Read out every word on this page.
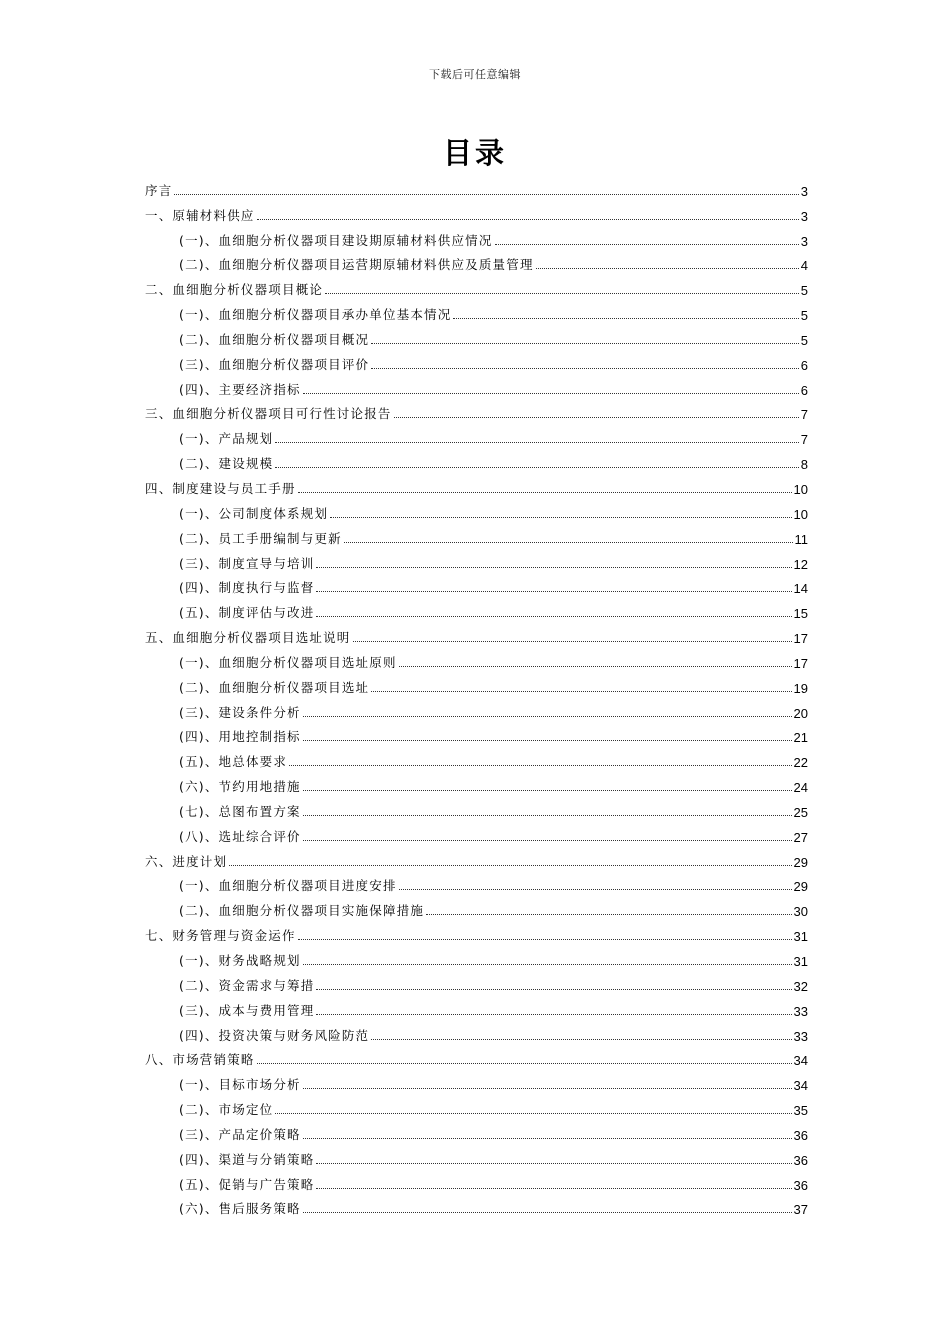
下载后可任意编辑
目录
序言	3
一、原辅材料供应	3
(一)、血细胞分析仪器项目建设期原辅材料供应情况	3
(二)、血细胞分析仪器项目运营期原辅材料供应及质量管理	4
二、血细胞分析仪器项目概论	5
(一)、血细胞分析仪器项目承办单位基本情况	5
(二)、血细胞分析仪器项目概况	5
(三)、血细胞分析仪器项目评价	6
(四)、主要经济指标	6
三、血细胞分析仪器项目可行性讨论报告	7
(一)、产品规划	7
(二)、建设规模	8
四、制度建设与员工手册	10
(一)、公司制度体系规划	10
(二)、员工手册编制与更新	11
(三)、制度宣导与培训	12
(四)、制度执行与监督	14
(五)、制度评估与改进	15
五、血细胞分析仪器项目选址说明	17
(一)、血细胞分析仪器项目选址原则	17
(二)、血细胞分析仪器项目选址	19
(三)、建设条件分析	20
(四)、用地控制指标	21
(五)、地总体要求	22
(六)、节约用地措施	24
(七)、总图布置方案	25
(八)、选址综合评价	27
六、进度计划	29
(一)、血细胞分析仪器项目进度安排	29
(二)、血细胞分析仪器项目实施保障措施	30
七、财务管理与资金运作	31
(一)、财务战略规划	31
(二)、资金需求与筹措	32
(三)、成本与费用管理	33
(四)、投资决策与财务风险防范	33
八、市场营销策略	34
(一)、目标市场分析	34
(二)、市场定位	35
(三)、产品定价策略	36
(四)、渠道与分销策略	36
(五)、促销与广告策略	36
(六)、售后服务策略	37
